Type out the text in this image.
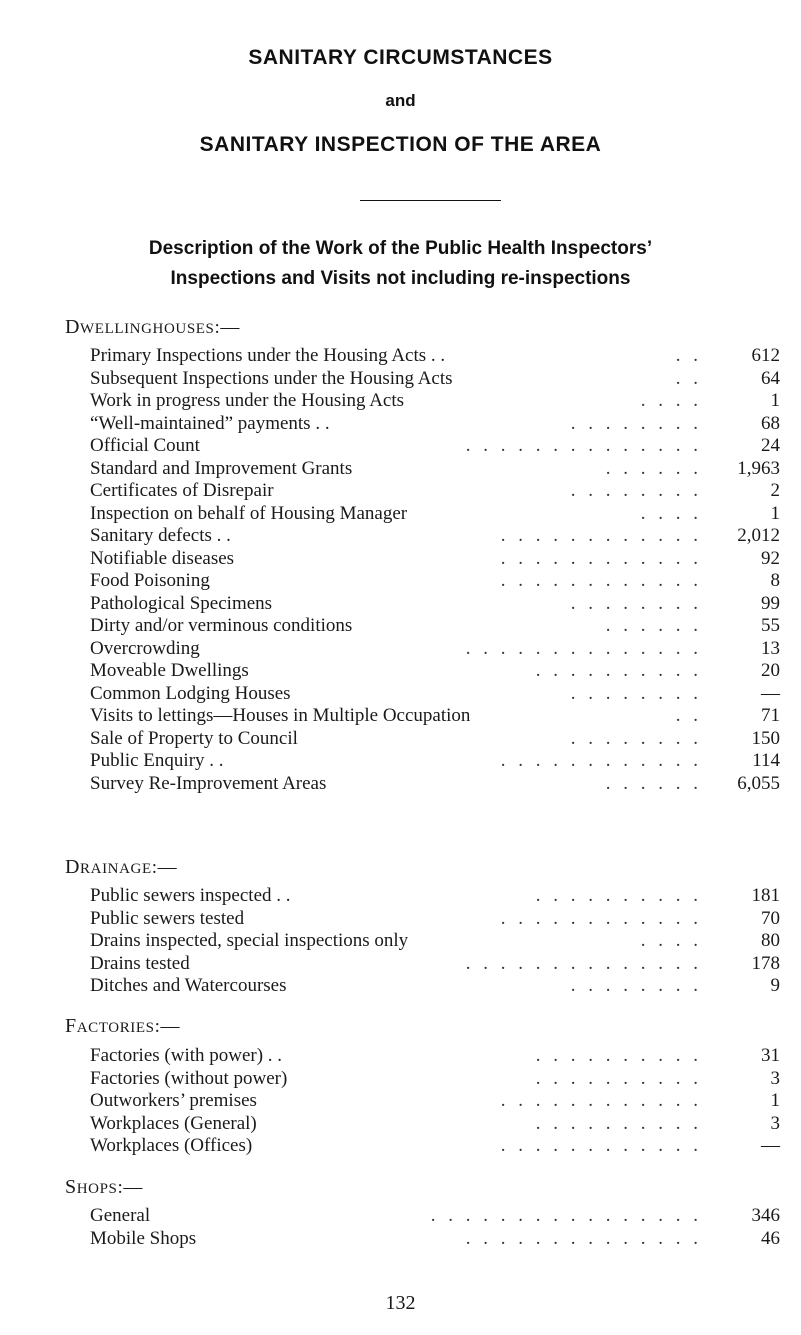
SANITARY CIRCUMSTANCES
and
SANITARY INSPECTION OF THE AREA
Description of the Work of the Public Health Inspectors’
Inspections and Visits not including re-inspections
DWELLINGHOUSES:—
Primary Inspections under the Housing Acts . .	. .	612
Subsequent Inspections under the Housing Acts	. .	64
Work in progress under the Housing Acts	. . . .	1
“Well-maintained” payments . .	. . . . . . . .	68
Official Count	. . . . . . . . . . . . . .	24
Standard and Improvement Grants	. . . . . . 1,963
Certificates of Disrepair	. . . . . . . .	2
Inspection on behalf of Housing Manager	. . . .	1
Sanitary defects . .	. . . . . . . . . . . . 2,012
Notifiable diseases	. . . . . . . . . . . .	92
Food Poisoning	. . . . . . . . . . . .	8
Pathological Specimens	. . . . . . . .	99
Dirty and/or verminous conditions	. . . . . .	55
Overcrowding	. . . . . . . . . . . . . .	13
Moveable Dwellings	. . . . . . . . . .	20
Common Lodging Houses	. . . . . . . .	—
Visits to lettings—Houses in Multiple Occupation	. .	71
Sale of Property to Council	. . . . . . . .	150
Public Enquiry . .	. . . . . . . . . . . .	114
Survey Re-Improvement Areas	. . . . . . 6,055
DRAINAGE:—
Public sewers inspected . .	. . . . . . . . . .	181
Public sewers tested	. . . . . . . . . . . .	70
Drains inspected, special inspections only	. . . .	80
Drains tested	. . . . . . . . . . . . . .	178
Ditches and Watercourses	. . . . . . . .	9
FACTORIES:—
Factories (with power) . .	. . . . . . . . . .	31
Factories (without power)	. . . . . . . . . .	3
Outworkers’ premises	. . . . . . . . . . . .	1
Workplaces (General)	. . . . . . . . . .	3
Workplaces (Offices)	. . . . . . . . . . . .	—
SHOPS:—
General	. . . . . . . . . . . . . . . .	346
Mobile Shops	. . . . . . . . . . . . . .	46
132
